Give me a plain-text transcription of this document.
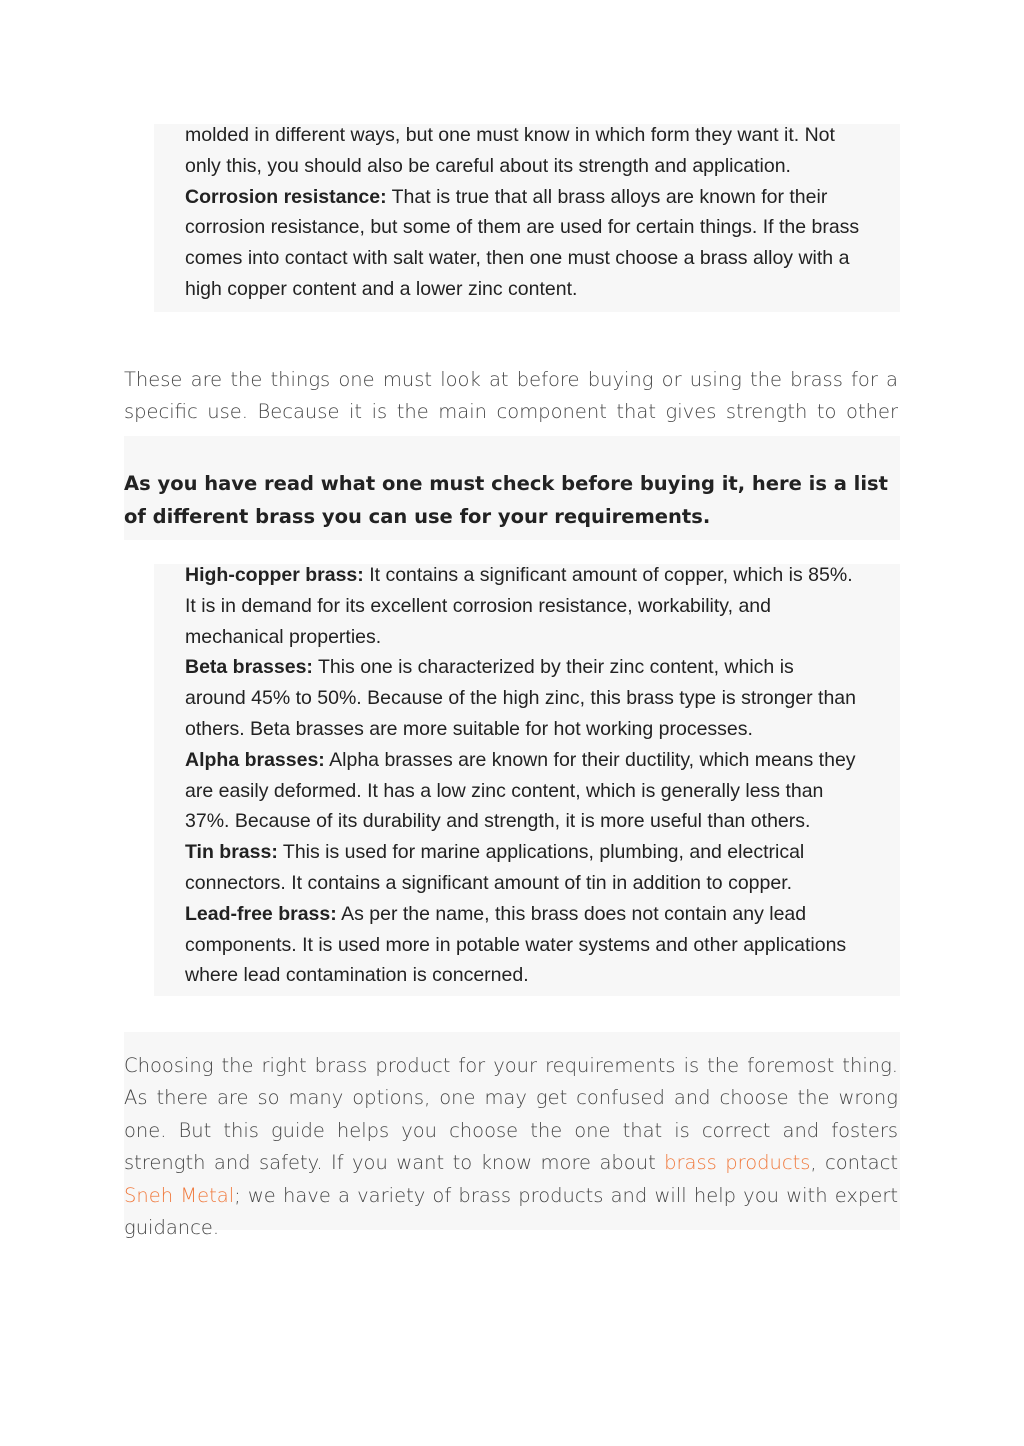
molded in different ways, but one must know in which form they want it. Not
only this, you should also be careful about its strength and application.
Corrosion resistance: That is true that all brass alloys are known for their
corrosion resistance, but some of them are used for certain things. If the brass
comes into contact with salt water, then one must choose a brass alloy with a
high copper content and a lower zinc content.

These are the things one must look at before buying or using the brass for a specific use. Because it is the main component that gives strength to other

As you have read what one must check before buying it, here is a list of different brass you can use for your requirements.
High-copper brass: It contains a significant amount of copper, which is 85%.
It is in demand for its excellent corrosion resistance, workability, and
mechanical properties.
Beta brasses: This one is characterized by their zinc content, which is
around 45% to 50%. Because of the high zinc, this brass type is stronger than
others. Beta brasses are more suitable for hot working processes.
Alpha brasses: Alpha brasses are known for their ductility, which means they
are easily deformed. It has a low zinc content, which is generally less than
37%. Because of its durability and strength, it is more useful than others.
Tin brass: This is used for marine applications, plumbing, and electrical
connectors. It contains a significant amount of tin in addition to copper.
Lead-free brass: As per the name, this brass does not contain any lead
components. It is used more in potable water systems and other applications
where lead contamination is concerned.

Choosing the right brass product for your requirements is the foremost thing. As there are so many options, one may get confused and choose the wrong one. But this guide helps you choose the one that is correct and fosters strength and safety. If you want to know more about brass products, contact Sneh Metal; we have a variety of brass products and will help you with expert guidance.
